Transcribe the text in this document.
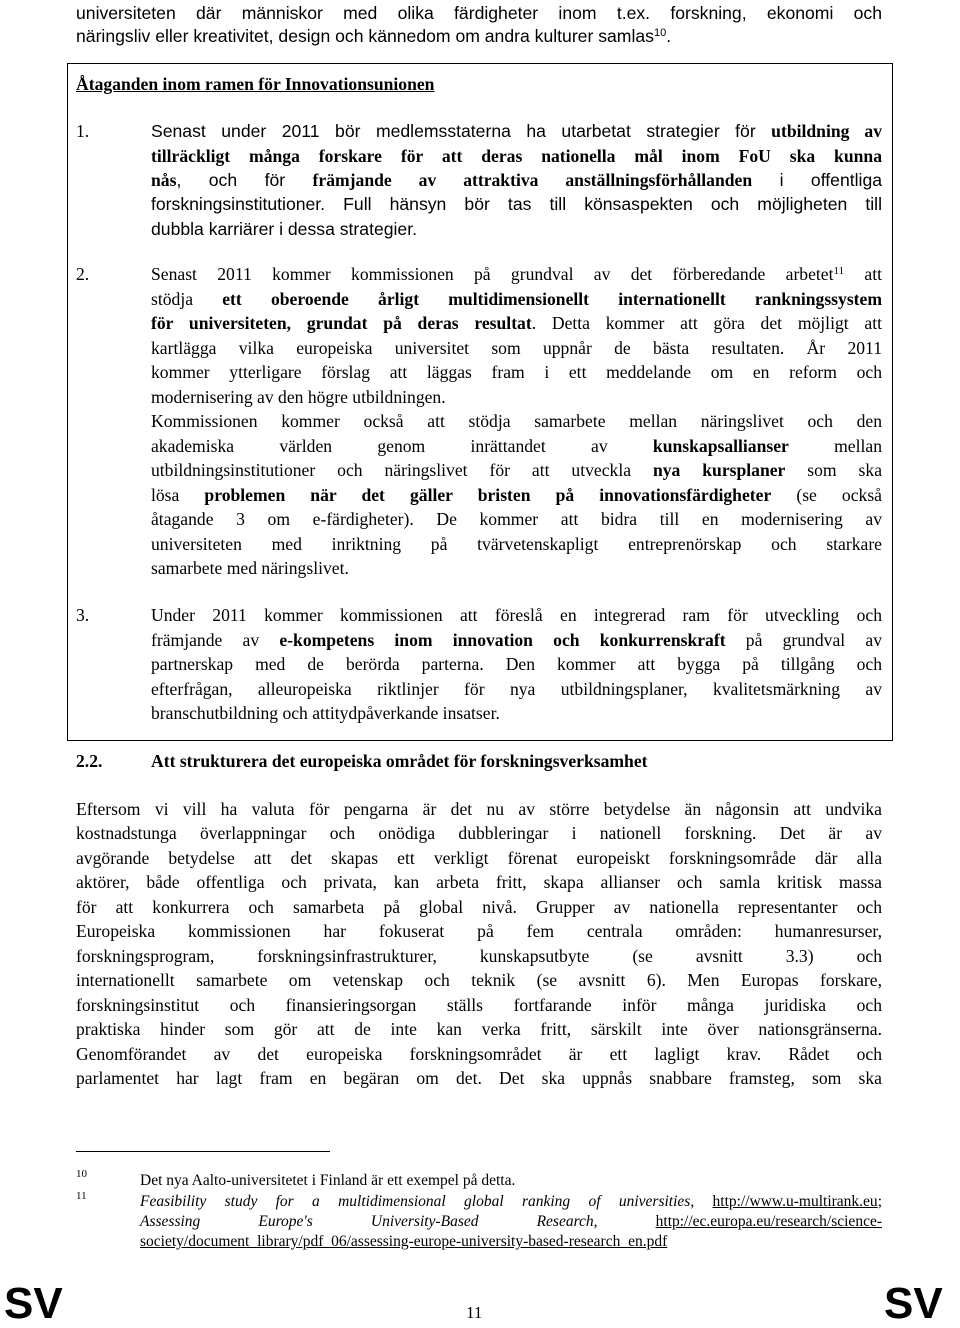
universiteten där människor med olika färdigheter inom t.ex. forskning, ekonomi och
näringsliv eller kreativitet, design och kännedom om andra kulturer samlas$^{10}$.
Åtaganden inom ramen för Innovationsunionen
1.	Senast under 2011 bör medlemsstaterna ha utarbetat strategier för utbildning av
tillräckligt många forskare för att deras nationella mål inom FoU ska kunna
nås, och för främjande av attraktiva anställningsförhållanden i offentliga
forskningsinstitutioner. Full hänsyn bör tas till könsaspekten och möjligheten till
dubbla karriärer i dessa strategier.
2.	Senast 2011 kommer kommissionen på grundval av det förberedande arbetet$^{11}$ att
stödja ett oberoende årligt multidimensionellt internationellt rankningssystem
för universiteten, grundat på deras resultat. Detta kommer att göra det möjligt att
kartlägga vilka europeiska universitet som uppnår de bästa resultaten. År 2011
kommer ytterligare förslag att läggas fram i ett meddelande om en reform och
modernisering av den högre utbildningen.
Kommissionen kommer också att stödja samarbete mellan näringslivet och den
akademiska världen genom inrättandet av kunskapsallianser mellan
utbildningsinstitutioner och näringslivet för att utveckla nya kursplaner som ska
lösa problemen när det gäller bristen på innovationsfärdigheter (se också
åtagande 3 om e-färdigheter). De kommer att bidra till en modernisering av
universiteten med inriktning på tvärvetenskapligt entreprenörskap och starkare
samarbete med näringslivet.
3.	Under 2011 kommer kommissionen att föreslå en integrerad ram för utveckling och
främjande av e-kompetens inom innovation och konkurrenskraft på grundval av
partnerskap med de berörda parterna. Den kommer att bygga på tillgång och
efterfrågan, alleuropeiska riktlinjer för nya utbildningsplaner, kvalitetsmärkning av
branschutbildning och attitydpåverkande insatser.
2.2.	Att strukturera det europeiska området för forskningsverksamhet
Eftersom vi vill ha valuta för pengarna är det nu av större betydelse än någonsin att undvika
kostnadstunga överlappningar och onödiga dubbleringar i nationell forskning. Det är av
avgörande betydelse att det skapas ett verkligt förenat europeiskt forskningsområde där alla
aktörer, både offentliga och privata, kan arbeta fritt, skapa allianser och samla kritisk massa
för att konkurrera och samarbeta på global nivå. Grupper av nationella representanter och
Europeiska kommissionen har fokuserat på fem centrala områden: humanresurser,
forskningsprogram, forskningsinfrastrukturer, kunskapsutbyte (se avsnitt 3.3) och
internationellt samarbete om vetenskap och teknik (se avsnitt 6). Men Europas forskare,
forskningsinstitut och finansieringsorgan ställs fortfarande inför många juridiska och
praktiska hinder som gör att de inte kan verka fritt, särskilt inte över nationsgränserna.
Genomförandet av det europeiska forskningsområdet är ett lagligt krav. Rådet och
parlamentet har lagt fram en begäran om det. Det ska uppnås snabbare framsteg, som ska
10	Det nya Aalto-universitetet i Finland är ett exempel på detta.
11	Feasibility study for a multidimensional global ranking of universities, http://www.u-multirank.eu;
Assessing Europe's University-Based Research, http://ec.europa.eu/research/science-
society/document_library/pdf_06/assessing-europe-university-based-research_en.pdf
SV	11	SV
